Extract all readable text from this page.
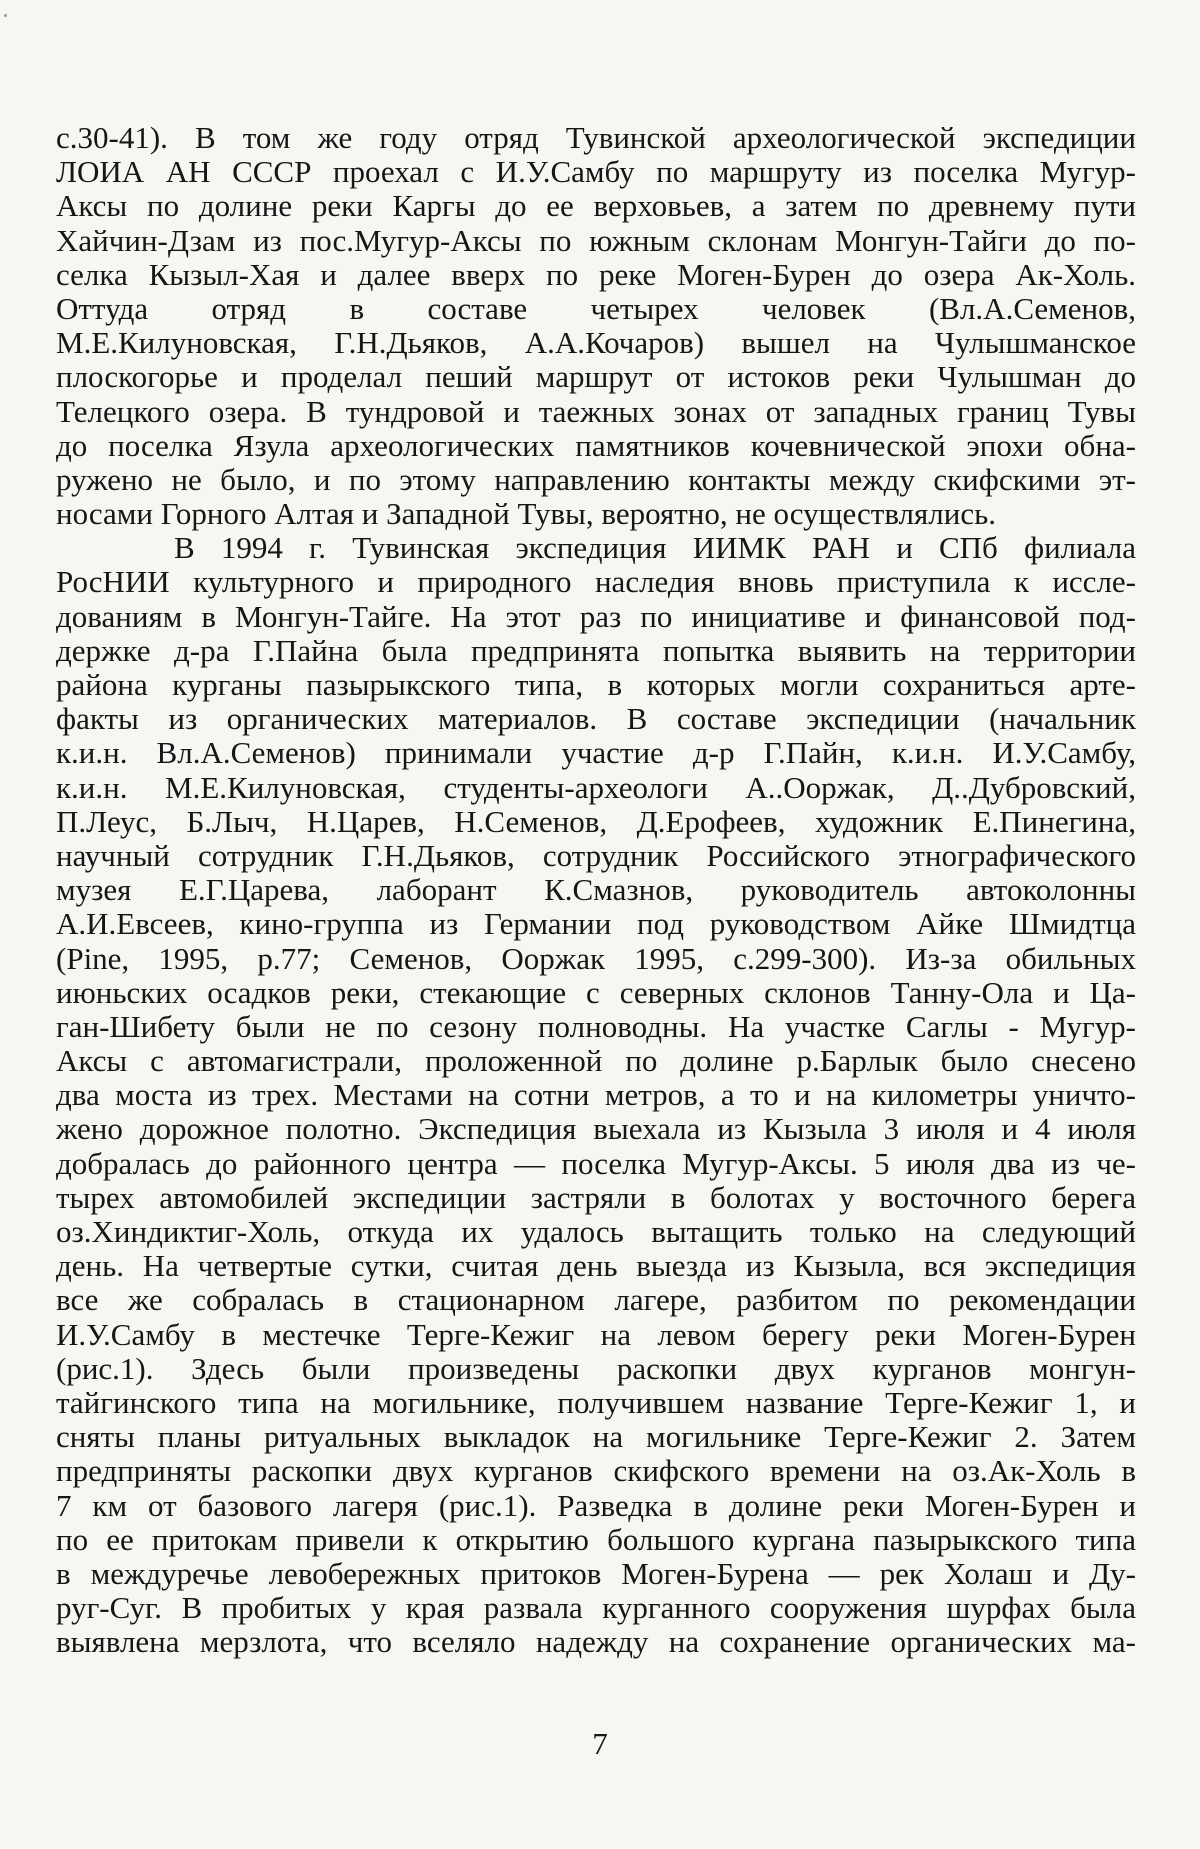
с.30-41). В том же году отряд Тувинской археологической экспедиции
ЛОИА АН СССР проехал с И.У.Самбу по маршруту из поселка Мугур-
Аксы по долине реки Каргы до ее верховьев, а затем по древнему пути
Хайчин-Дзам из пос.Мугур-Аксы по южным склонам Монгун-Тайги до по-
селка Кызыл-Хая и далее вверх по реке Моген-Бурен до озера Ак-Холь.
Оттуда отряд в составе четырех человек (Вл.А.Семенов,
М.Е.Килуновская, Г.Н.Дьяков, А.А.Кочаров) вышел на Чулышманское
плоскогорье и проделал пеший маршрут от истоков реки Чулышман до
Телецкого озера. В тундровой и таежных зонах от западных границ Тувы
до поселка Язула археологических памятников кочевнической эпохи обна-
ружено не было, и по этому направлению контакты между скифскими эт-
носами Горного Алтая и Западной Тувы, вероятно, не осуществлялись.
В 1994 г. Тувинская экспедиция ИИМК РАН и СПб филиала
РосНИИ культурного и природного наследия вновь приступила к иссле-
дованиям в Монгун-Тайге. На этот раз по инициативе и финансовой под-
держке д-ра Г.Пайна была предпринята попытка выявить на территории
района курганы пазырыкского типа, в которых могли сохраниться арте-
факты из органических материалов. В составе экспедиции (начальник
к.и.н. Вл.А.Семенов) принимали участие д-р Г.Пайн, к.и.н. И.У.Самбу,
к.и.н. М.Е.Килуновская, студенты-археологи А..Ооржак, Д..Дубровский,
П.Леус, Б.Лыч, Н.Царев, Н.Семенов, Д.Ерофеев, художник Е.Пинегина,
научный сотрудник Г.Н.Дьяков, сотрудник Российского этнографического
музея Е.Г.Царева, лаборант К.Смазнов, руководитель автоколонны
А.И.Евсеев, кино-группа из Германии под руководством Айке Шмидтца
(Pine, 1995, p.77; Семенов, Ооржак 1995, с.299-300). Из-за обильных
июньских осадков реки, стекающие с северных склонов Танну-Ола и Ца-
ган-Шибету были не по сезону полноводны. На участке Саглы - Мугур-
Аксы с автомагистрали, проложенной по долине р.Барлык было снесено
два моста из трех. Местами на сотни метров, а то и на километры уничто-
жено дорожное полотно. Экспедиция выехала из Кызыла 3 июля и 4 июля
добралась до районного центра — поселка Мугур-Аксы. 5 июля два из че-
тырех автомобилей экспедиции застряли в болотах у восточного берега
оз.Хиндиктиг-Холь, откуда их удалось вытащить только на следующий
день. На четвертые сутки, считая день выезда из Кызыла, вся экспедиция
все же собралась в стационарном лагере, разбитом по рекомендации
И.У.Самбу в местечке Терге-Кежиг на левом берегу реки Моген-Бурен
(рис.1). Здесь были произведены раскопки двух курганов монгун-
тайгинского типа на могильнике, получившем название Терге-Кежиг 1, и
сняты планы ритуальных выкладок на могильнике Терге-Кежиг 2. Затем
предприняты раскопки двух курганов скифского времени на оз.Ак-Холь в
7 км от базового лагеря (рис.1). Разведка в долине реки Моген-Бурен и
по ее притокам привели к открытию большого кургана пазырыкского типа
в междуречье левобережных притоков Моген-Бурена — рек Холаш и Ду-
руг-Суг. В пробитых у края развала курганного сооружения шурфах была
выявлена мерзлота, что вселяло надежду на сохранение органических ма-
7
